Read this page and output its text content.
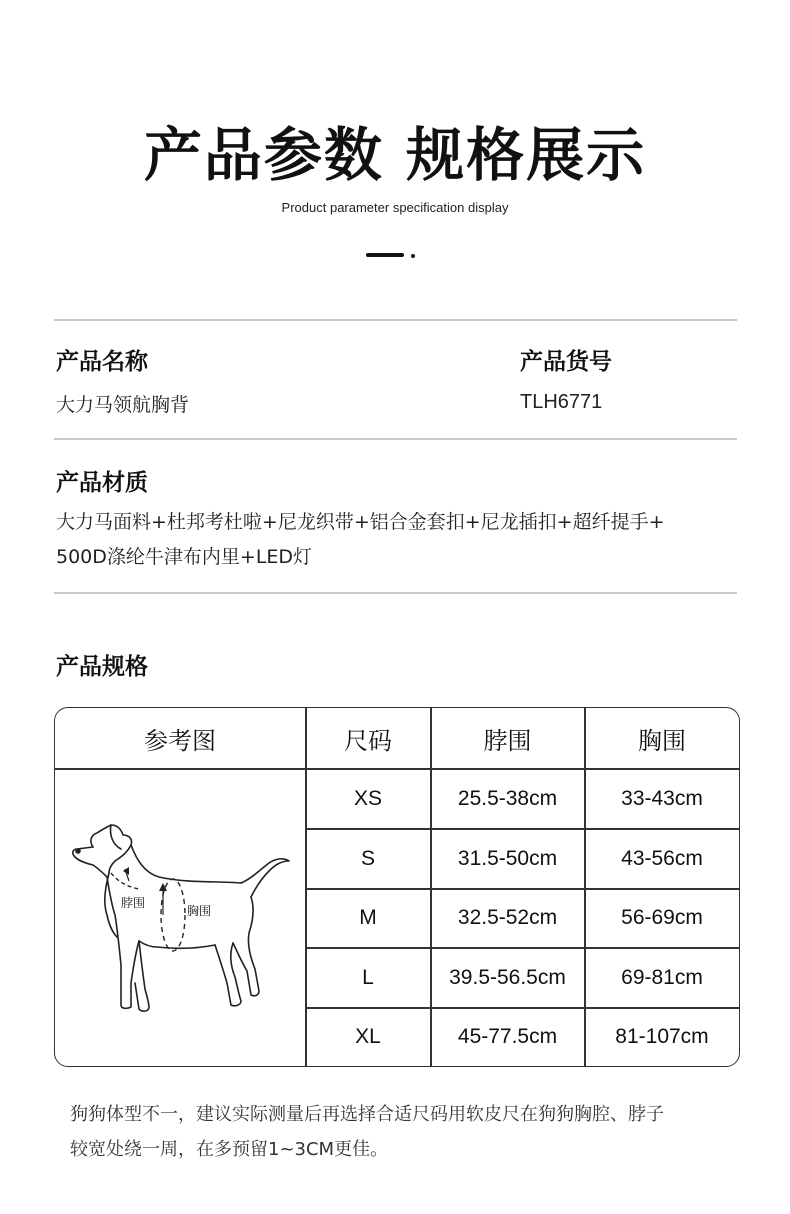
产品参数 规格展示
Product parameter specification display
产品名称
大力马领航胸背
产品货号
TLH6771
产品材质
大力马面料+杜邦考杜啦+尼龙织带+铝合金套扣+尼龙插扣+超纤提手+
500D涤纶牛津布内里+LED灯
产品规格
参考图	尺码	脖围	胸围
XS	25.5-38cm	33-43cm
S	31.5-50cm	43-56cm
M	32.5-52cm	56-69cm
L	39.5-56.5cm	69-81cm
XL	45-77.5cm	81-107cm
脖围
胸围
狗狗体型不一，建议实际测量后再选择合适尺码用软皮尺在狗狗胸腔、脖子
较宽处绕一周，在多预留1~3CM更佳。
